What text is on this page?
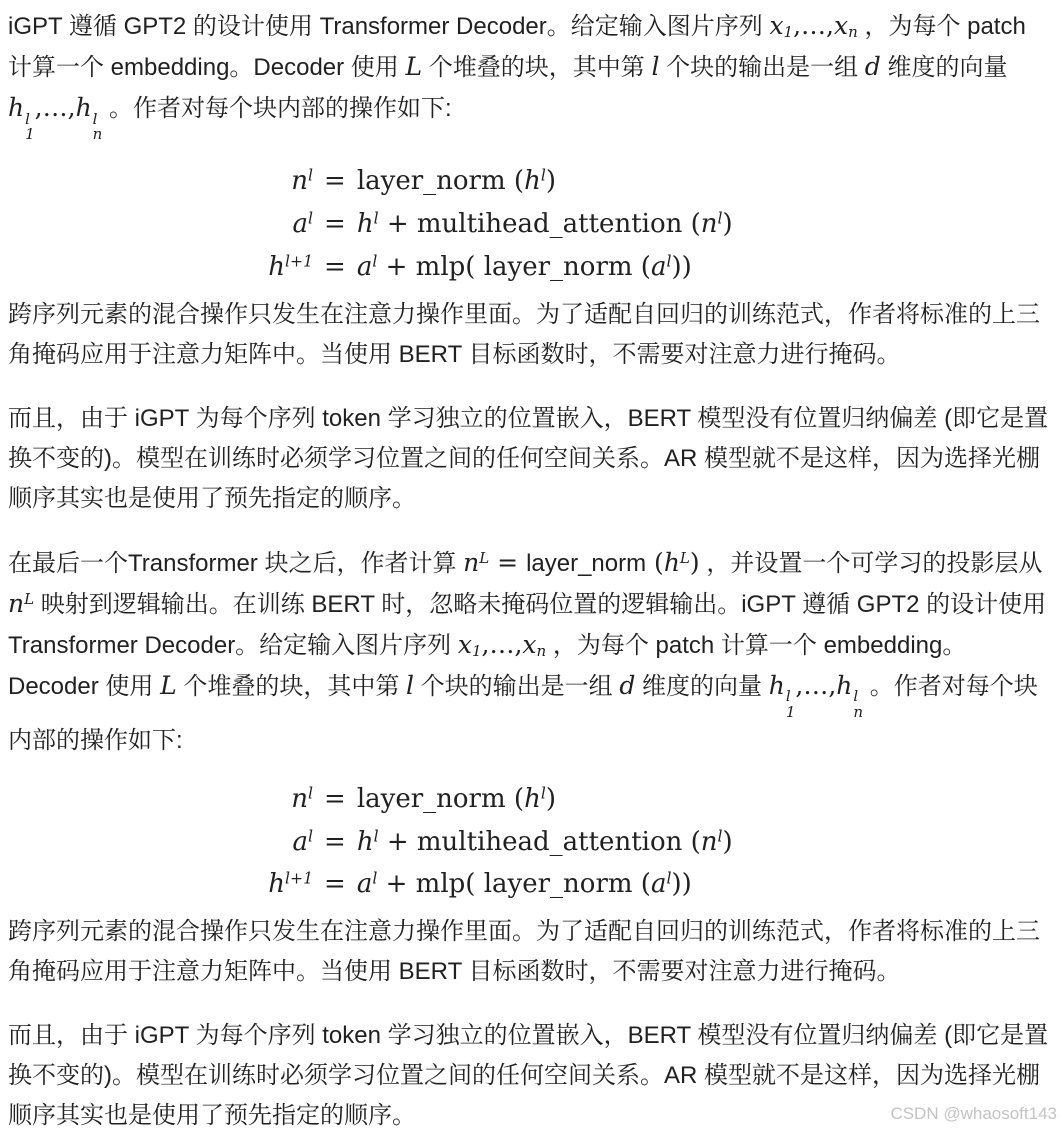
iGPT 遵循 GPT2 的设计使用 Transformer Decoder。给定输入图片序列 x1,…,xn ，为每个 patch 计算一个 embedding。Decoder 使用 L 个堆叠的块，其中第 l 个块的输出是一组 d 维度的向量 h l
1
,…,h l
n
。作者对每个块内部的操作如下:

$n^l$ = layer_norm $(h^l)$
$a^l = h^l$ + multihead_attention $(n^l)$
$h^{l+1} = a^l + mlp$( layer_norm $(a^l)$)

跨序列元素的混合操作只发生在注意力操作里面。为了适配自回归的训练范式，作者将标准的上三角掩码应用于注意力矩阵中。当使用 BERT 目标函数时，不需要对注意力进行掩码。

而且，由于 iGPT 为每个序列 token 学习独立的位置嵌入，BERT 模型没有位置归纳偏差 (即它是置换不变的)。模型在训练时必须学习位置之间的任何空间关系。AR 模型就不是这样，因为选择光棚顺序其实也是使用了预先指定的顺序。

在最后一个Transformer 块之后，作者计算 $n^L$ = layer_norm $(h^L)$ ，并设置一个可学习的投影层从 $n^L$ 映射到逻辑输出。在训练 BERT 时，忽略未掩码位置的逻辑输出。iGPT 遵循 GPT2 的设计使用 Transformer Decoder。给定输入图片序列 x1,…,xn ，为每个 patch 计算一个 embedding。Decoder 使用 L 个堆叠的块，其中第 l 个块的输出是一组 d 维度的向量 h l
1
,…,h l
n
。作者对每个块内部的操作如下:

$n^l$ = layer_norm $(h^l)$
$a^l = h^l$ + multihead_attention $(n^l)$
$h^{l+1} = a^l + mlp$( layer_norm $(a^l)$)

跨序列元素的混合操作只发生在注意力操作里面。为了适配自回归的训练范式，作者将标准的上三角掩码应用于注意力矩阵中。当使用 BERT 目标函数时，不需要对注意力进行掩码。

而且，由于 iGPT 为每个序列 token 学习独立的位置嵌入，BERT 模型没有位置归纳偏差 (即它是置换不变的)。模型在训练时必须学习位置之间的任何空间关系。AR 模型就不是这样，因为选择光棚顺序其实也是使用了预先指定的顺序。	CSDN @whaosoft143
